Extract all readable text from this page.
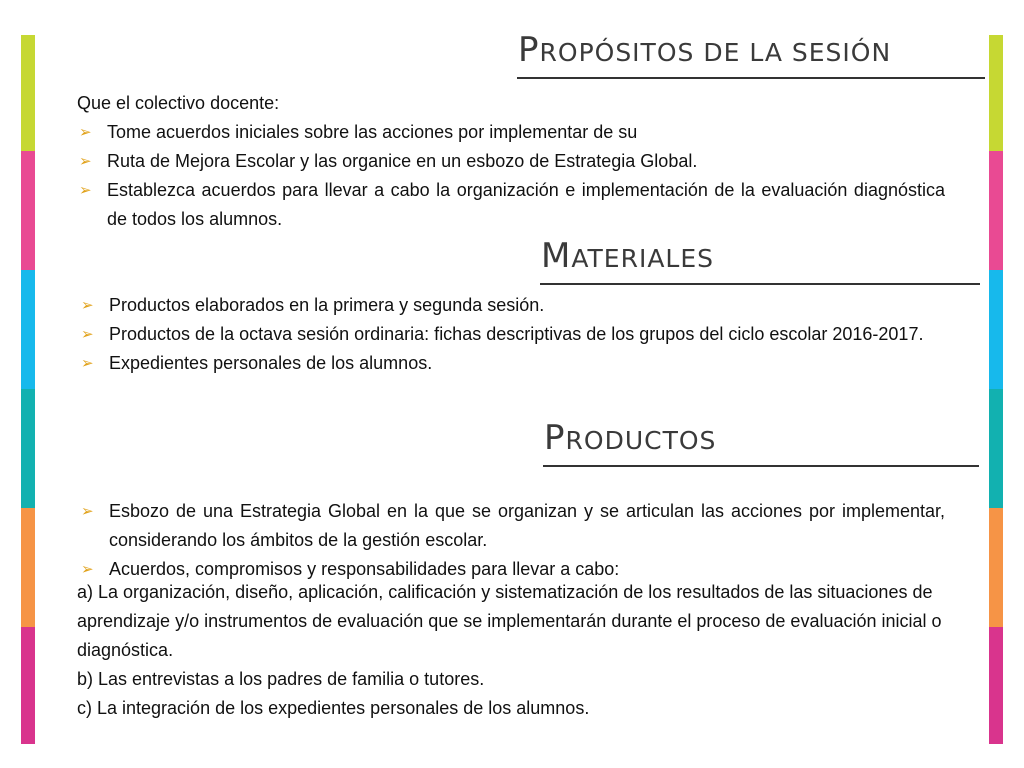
PROPÓSITOS DE LA SESIÓN
Que el colectivo docente:
➢ Tome acuerdos iniciales sobre las acciones por implementar de su
➢ Ruta de Mejora Escolar y las organice en un esbozo de Estrategia Global.
➢ Establezca acuerdos para llevar a cabo la organización e implementación de la evaluación diagnóstica de todos los alumnos.
MATERIALES
➢ Productos elaborados en la primera y segunda sesión.
➢ Productos de la octava sesión ordinaria: fichas descriptivas de los grupos del ciclo escolar 2016-2017.
➢ Expedientes personales de los alumnos.
PRODUCTOS
➢ Esbozo de una Estrategia Global en la que se organizan y se articulan las acciones por implementar, considerando los ámbitos de la gestión escolar.
➢ Acuerdos, compromisos y responsabilidades para llevar a cabo:
a) La organización, diseño, aplicación, calificación y sistematización de los resultados de las situaciones de aprendizaje y/o instrumentos de evaluación que se implementarán durante el proceso de evaluación inicial o diagnóstica.
b) Las entrevistas a los padres de familia o tutores.
c) La integración de los expedientes personales de los alumnos.
